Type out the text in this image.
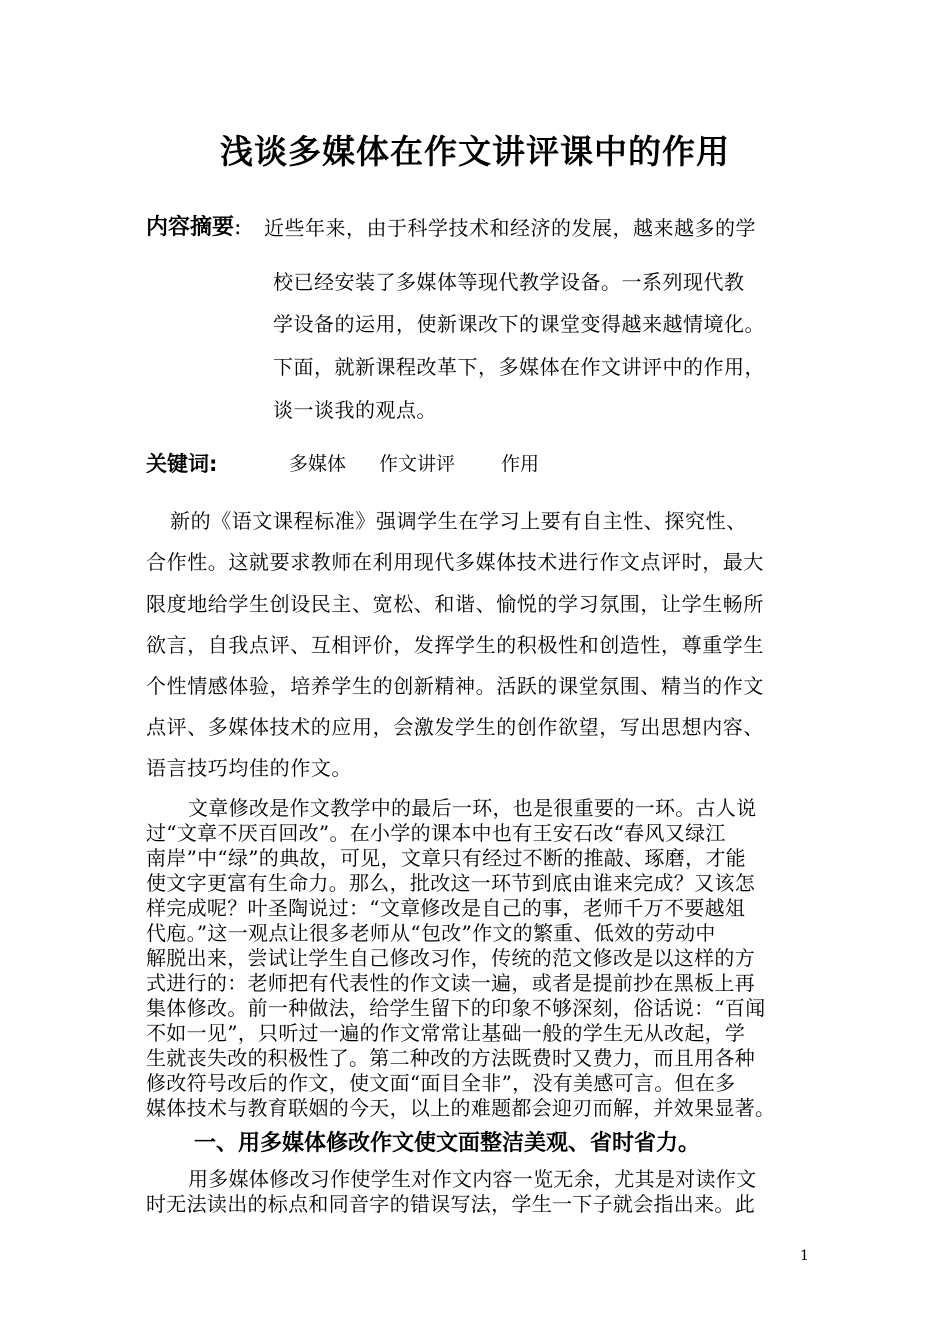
浅谈多媒体在作文讲评课中的作用
内容摘要: 近些年来，由于科学技术和经济的发展，越来越多的学
校已经安装了多媒体等现代教学设备。一系列现代教
学设备的运用，使新课改下的课堂变得越来越情境化。
下面，就新课程改革下，多媒体在作文讲评中的作用，
谈一谈我的观点。
关键词:	多媒体 作文讲评 作用
新的《语文课程标准》强调学生在学习上要有自主性、探究性、
合作性。这就要求教师在利用现代多媒体技术进行作文点评时，最大
限度地给学生创设民主、宽松、和谐、愉悦的学习氛围，让学生畅所
欲言，自我点评、互相评价，发挥学生的积极性和创造性，尊重学生
个性情感体验，培养学生的创新精神。活跃的课堂氛围、精当的作文
点评、多媒体技术的应用，会激发学生的创作欲望，写出思想内容、
语言技巧均佳的作文。
文章修改是作文教学中的最后一环，也是很重要的一环。古人说
过“文章不厌百回改”。在小学的课本中也有王安石改“春风又绿江
南岸”中“绿”的典故，可见，文章只有经过不断的推敲、琢磨，才能
使文字更富有生命力。那么，批改这一环节到底由谁来完成？又该怎
样完成呢？叶圣陶说过：“文章修改是自己的事，老师千万不要越俎
代庖。”这一观点让很多老师从“包改”作文的繁重、低效的劳动中
解脱出来，尝试让学生自己修改习作，传统的范文修改是以这样的方
式进行的：老师把有代表性的作文读一遍，或者是提前抄在黑板上再
集体修改。前一种做法，给学生留下的印象不够深刻，俗话说：“百闻
不如一见”，只听过一遍的作文常常让基础一般的学生无从改起，学
生就丧失改的积极性了。第二种改的方法既费时又费力，而且用各种
修改符号改后的作文，使文面“面目全非”，没有美感可言。但在多
媒体技术与教育联姻的今天，以上的难题都会迎刃而解，并效果显著。
一、用多媒体修改作文使文面整洁美观、省时省力。
用多媒体修改习作使学生对作文内容一览无余，尤其是对读作文
时无法读出的标点和同音字的错误写法，学生一下子就会指出来。此
1
